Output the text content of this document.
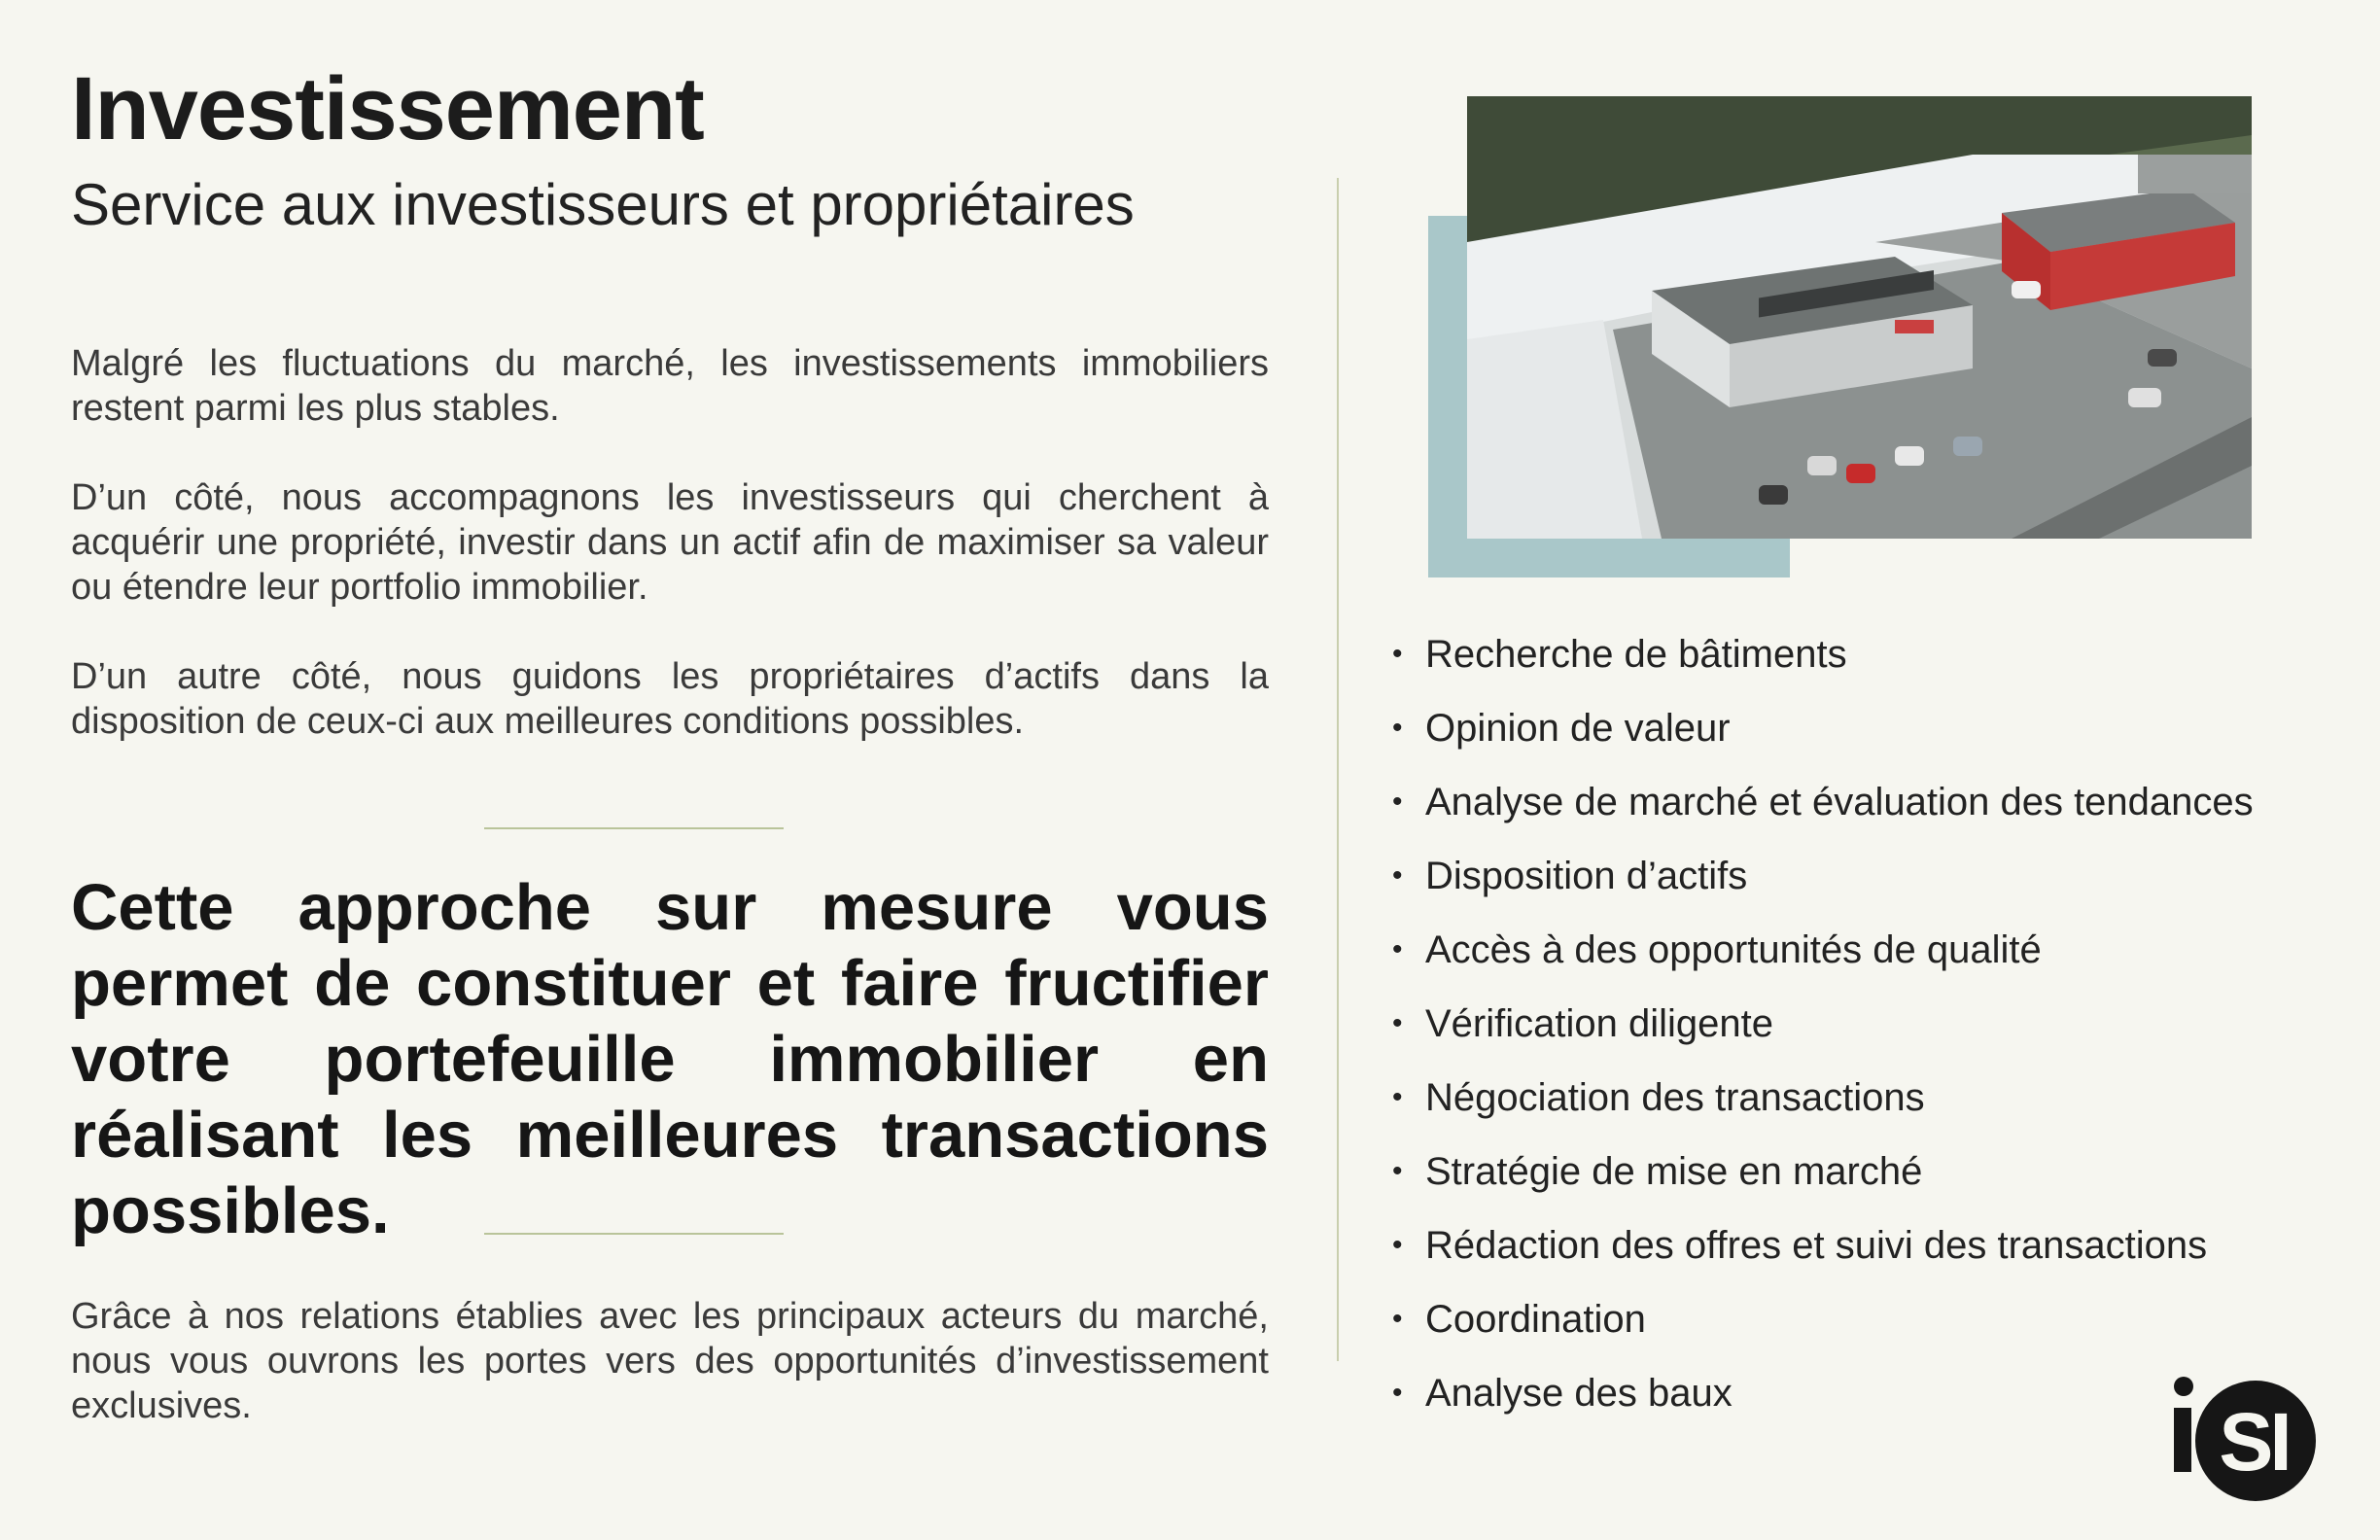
Investissement
Service aux investisseurs et propriétaires

Malgré les fluctuations du marché, les investissements immobiliers restent parmi les plus stables.

D’un côté, nous accompagnons les investisseurs qui cherchent à acquérir une propriété, investir dans un actif afin de maximiser sa valeur ou étendre leur portfolio immobilier.

D’un autre côté, nous guidons les propriétaires d’actifs dans la disposition de ceux-ci aux meilleures conditions possibles.

Cette approche sur mesure vous permet de constituer et faire fructifier votre portefeuille immobilier en réalisant les meilleures transactions possibles.

Grâce à nos relations établies avec les principaux acteurs du marché, nous vous ouvrons les portes vers des opportunités d’investissement exclusives.

• Recherche de bâtiments
• Opinion de valeur
• Analyse de marché et évaluation des tendances
• Disposition d’actifs
• Accès à des opportunités de qualité
• Vérification diligente
• Négociation des transactions
• Stratégie de mise en marché
• Rédaction des offres et suivi des transactions
• Coordination
• Analyse des baux
SI
